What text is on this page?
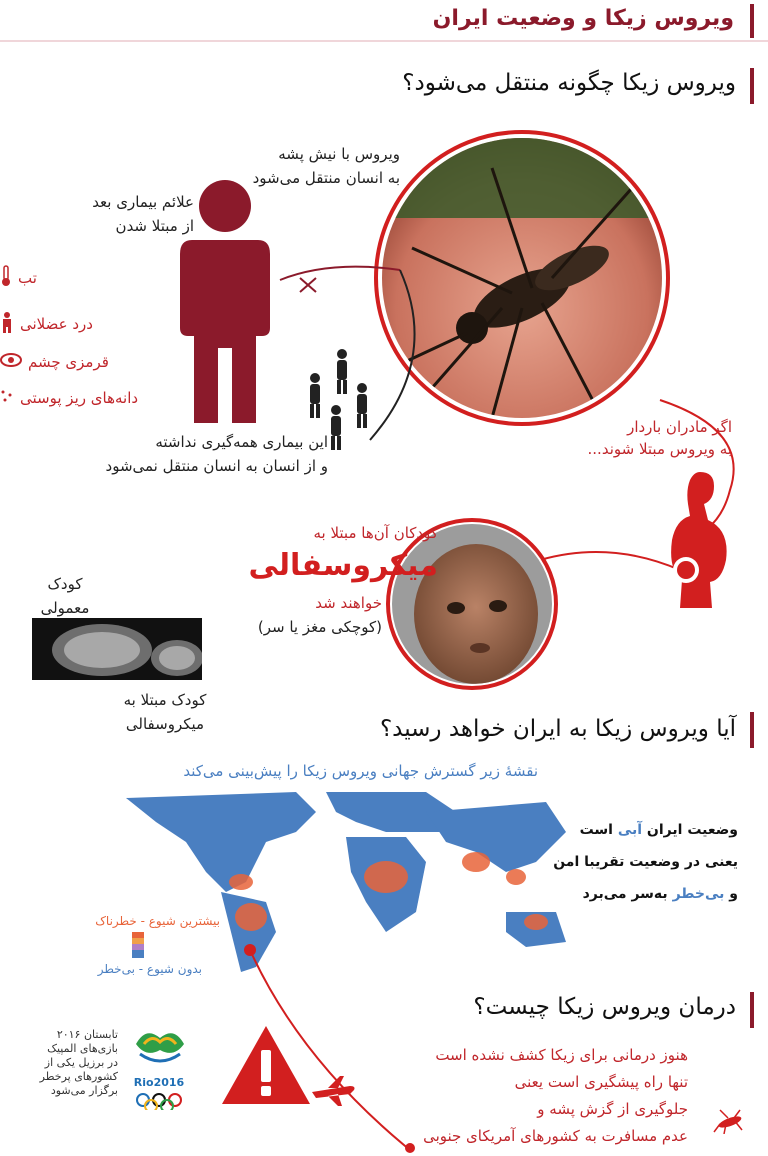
ویروس زیکا و وضعیت ایران
ویروس زیکا چگونه منتقل می‌شود؟
ویروس با نیش پشه
به انسان منتقل می‌شود
علائم بیماری بعد
از مبتلا شدن
تب
درد عضلانی
قرمزی چشم
دانه‌های ریز پوستی
این بیماری همه‌گیری نداشته
و از انسان به انسان منتقل نمی‌شود
اگر مادران باردار
به ویروس مبتلا شوند...
کودکان آن‌ها مبتلا به
میکروسفالی
خواهند شد
(کوچکی مغز یا سر)
کودک
معمولی
کودک مبتلا به
میکروسفالی	آیا ویروس زیکا به ایران خواهد رسید؟
نقشهٔ زیر گسترش جهانی ویروس زیکا را پیش‌بینی می‌کند
وضعیت ایران آبی است
یعنی در وضعیت تقریبا امن
و بی‌خطر به‌سر می‌برد
بیشترین شیوع - خطرناک
بدون شیوع - بی‌خطر
درمان ویروس زیکا چیست؟
هنوز درمانی برای زیکا کشف نشده است
تنها راه پیشگیری است یعنی
جلوگیری از گزش پشه و
عدم مسافرت به کشورهای آمریکای جنوبی
تابستان ۲۰۱۶
بازی‌های المپیک
در برزیل یکی از
کشورهای پرخطر
برگزار می‌شود
Rio2016
